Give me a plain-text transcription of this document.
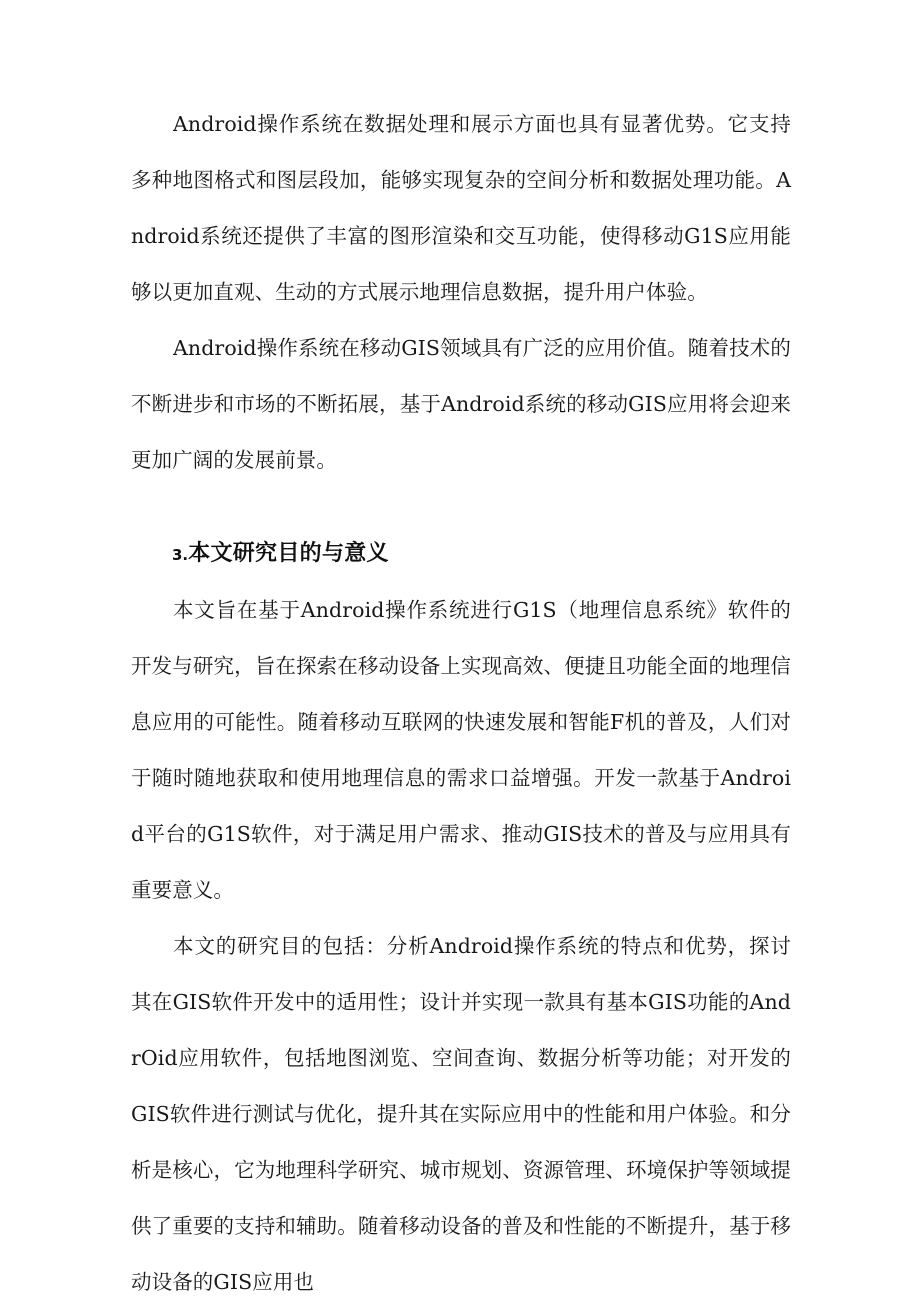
Android操作系统在数据处理和展示方面也具有显著优势。它支持多种地图格式和图层段加，能够实现复杂的空间分析和数据处理功能。Android系统还提供了丰富的图形渲染和交互功能，使得移动G1S应用能够以更加直观、生动的方式展示地理信息数据，提升用户体验。

Android操作系统在移动GIS领域具有广泛的应用价值。随着技术的不断进步和市场的不断拓展，基于Android系统的移动GIS应用将会迎来更加广阔的发展前景。

3.本文研究目的与意义

本文旨在基于Android操作系统进行G1S（地理信息系统》软件的开发与研究，旨在探索在移动设备上实现高效、便捷且功能全面的地理信息应用的可能性。随着移动互联网的快速发展和智能F机的普及，人们对于随时随地获取和使用地理信息的需求口益增强。开发一款基于Android平台的G1S软件，对于满足用户需求、推动GIS技术的普及与应用具有重要意义。

本文的研究目的包括：分析Android操作系统的特点和优势，探讨其在GIS软件开发中的适用性；设计并实现一款具有基本GIS功能的AndrOid应用软件，包括地图浏览、空间查询、数据分析等功能；对开发的GIS软件进行测试与优化，提升其在实际应用中的性能和用户体验。和分析是核心，它为地理科学研究、城市规划、资源管理、环境保护等领域提供了重要的支持和辅助。随着移动设备的普及和性能的不断提升，基于移动设备的GIS应用也
